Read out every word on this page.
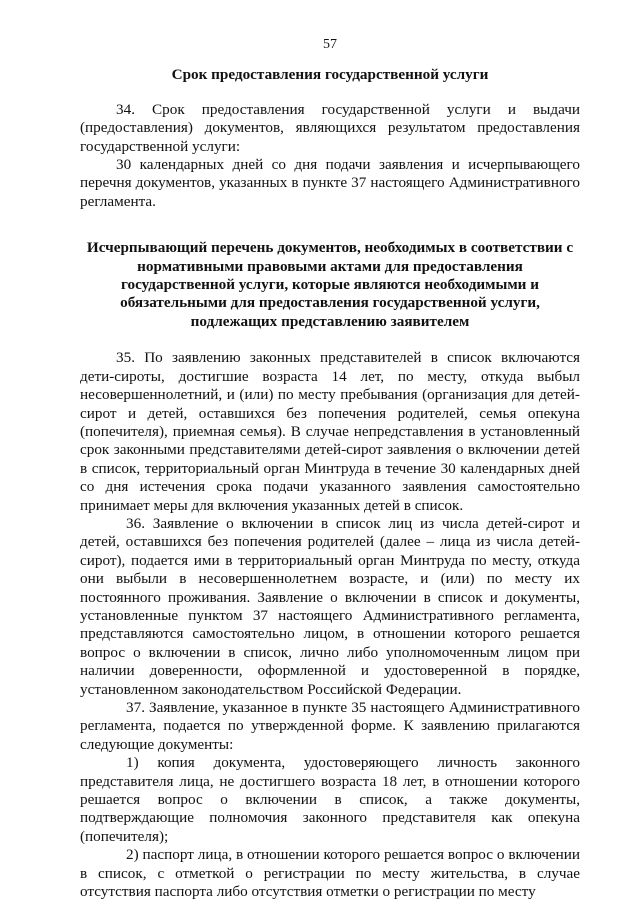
57

Срок предоставления государственной услуги

34. Срок предоставления государственной услуги и выдачи (предоставления) документов, являющихся результатом предоставления государственной услуги:

30 календарных дней со дня подачи заявления и исчерпывающего перечня документов, указанных в пункте 37 настоящего Административного регламента.

Исчерпывающий перечень документов, необходимых в соответствии с нормативными правовыми актами для предоставления государственной услуги, которые являются необходимыми и обязательными для предоставления государственной услуги, подлежащих представлению заявителем

35. По заявлению законных представителей в список включаются дети-сироты, достигшие возраста 14 лет, по месту, откуда выбыл несовершеннолетний, и (или) по месту пребывания (организация для детей-сирот и детей, оставшихся без попечения родителей, семья опекуна (попечителя), приемная семья). В случае непредставления в установленный срок законными представителями детей-сирот заявления о включении детей в список, территориальный орган Минтруда в течение 30 календарных дней со дня истечения срока подачи указанного заявления самостоятельно принимает меры для включения указанных детей в список.

36. Заявление о включении в список лиц из числа детей-сирот и детей, оставшихся без попечения родителей (далее – лица из числа детей-сирот), подается ими в территориальный орган Минтруда по месту, откуда они выбыли в несовершеннолетнем возрасте, и (или) по месту их постоянного проживания. Заявление о включении в список и документы, установленные пунктом 37 настоящего Административного регламента, представляются самостоятельно лицом, в отношении которого решается вопрос о включении в список, лично либо уполномоченным лицом при наличии доверенности, оформленной и удостоверенной в порядке, установленном законодательством Российской Федерации.

37. Заявление, указанное в пункте 35 настоящего Административного регламента, подается по утвержденной форме. К заявлению прилагаются следующие документы:

1) копия документа, удостоверяющего личность законного представителя лица, не достигшего возраста 18 лет, в отношении которого решается вопрос о включении в список, а также документы, подтверждающие полномочия законного представителя как опекуна (попечителя);

2) паспорт лица, в отношении которого решается вопрос о включении в список, с отметкой о регистрации по месту жительства, в случае отсутствия паспорта либо отсутствия отметки о регистрации по месту
